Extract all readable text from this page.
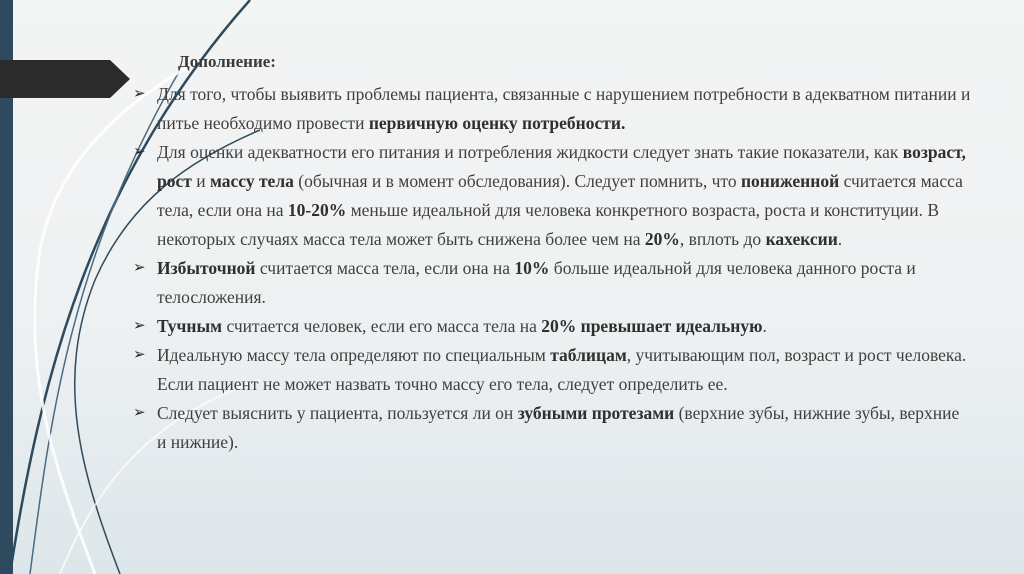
Дополнение:
➢ Для того, чтобы выявить проблемы пациента, связанные с нарушением потребности в адекватном питании и питье необходимо провести первичную оценку потребности.
➢ Для оценки адекватности его питания и потребления жидкости следует знать такие показатели, как возраст, рост и массу тела (обычная и в момент обследования). Следует помнить, что пониженной считается масса тела, если она на 10-20% меньше идеальной для человека конкретного возраста, роста и конституции. В некоторых случаях масса тела может быть снижена более чем на 20%, вплоть до кахексии.
➢ Избыточной считается масса тела, если она на 10% больше идеальной для человека данного роста и телосложения.
➢ Тучным считается человек, если его масса тела на 20% превышает идеальную.
➢ Идеальную массу тела определяют по специальным таблицам, учитывающим пол, возраст и рост человека. Если пациент не может назвать точно массу его тела, следует определить ее.
➢ Следует выяснить у пациента, пользуется ли он зубными протезами (верхние зубы, нижние зубы, верхние и нижние).
